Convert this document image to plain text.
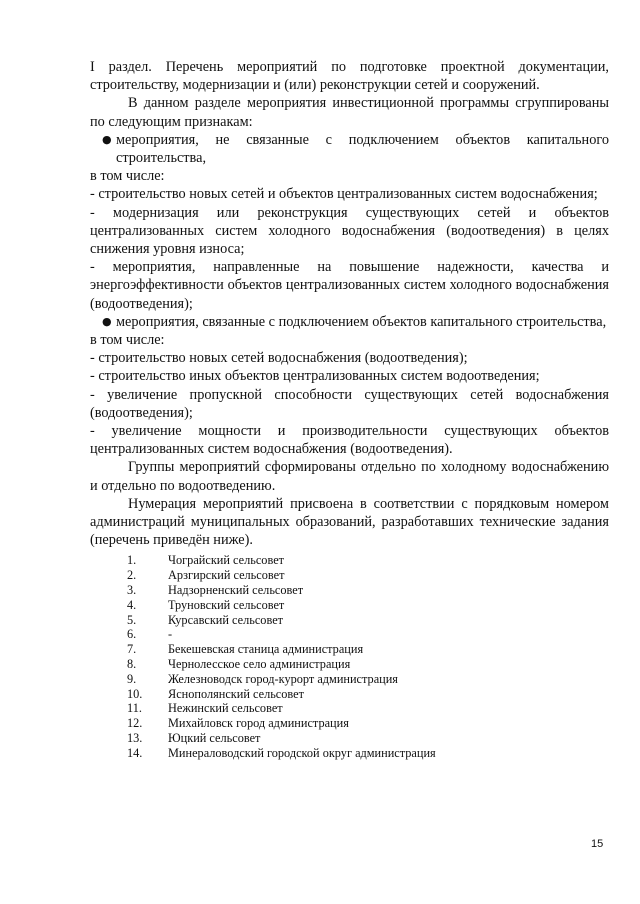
I раздел. Перечень мероприятий по подготовке проектной документации, строительству, модернизации и (или) реконструкции сетей и сооружений.

В данном разделе мероприятия инвестиционной программы сгруппированы по следующим признакам:

● мероприятия, не связанные с подключением объектов капитального строительства,

в том числе:

- строительство новых сетей и объектов централизованных систем водоснабжения;

- модернизация или реконструкция существующих сетей и объектов централизованных систем холодного водоснабжения (водоотведения) в целях снижения уровня износа;

- мероприятия, направленные на повышение надежности, качества и энергоэффективности объектов централизованных систем холодного водоснабжения (водоотведения);

● мероприятия, связанные с подключением объектов капитального строительства,

в том числе:

- строительство новых сетей водоснабжения (водоотведения);

- строительство иных объектов централизованных систем водоотведения;

- увеличение пропускной способности существующих сетей водоснабжения (водоотведения);

- увеличение мощности и производительности существующих объектов централизованных систем водоснабжения (водоотведения).

Группы мероприятий сформированы отдельно по холодному водоснабжению и отдельно по водоотведению.

Нумерация мероприятий присвоена в соответствии с порядковым номером администраций муниципальных образований, разработавших технические задания (перечень приведён ниже).

1.	Чограйский сельсовет
2.	Арзгирский сельсовет
3.	Надзорненский сельсовет
4.	Труновский сельсовет
5.	Курсавский сельсовет
6.	-
7.	Бекешевская станица администрация
8.	Чернолесское село администрация
9.	Железноводск город-курорт администрация
10.	Яснополянский сельсовет
11.	Нежинский сельсовет
12.	Михайловск город администрация
13.	Юцкий сельсовет
14.	Минераловодский городской округ администрация
15
